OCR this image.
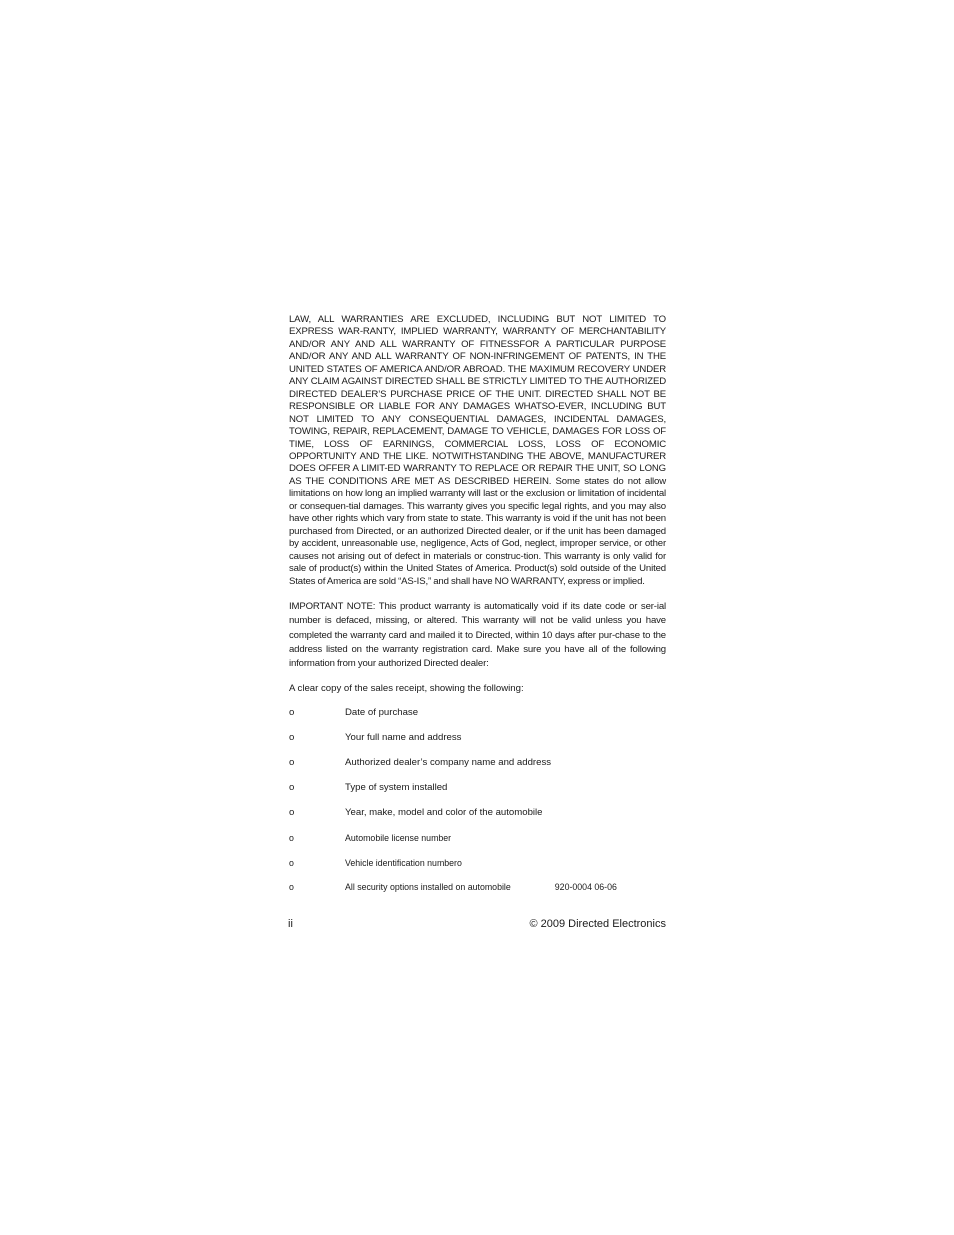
LAW, ALL WARRANTIES ARE EXCLUDED, INCLUDING BUT NOT LIMITED TO EXPRESS WAR-RANTY, IMPLIED WARRANTY, WARRANTY OF MERCHANTABILITY AND/OR ANY AND ALL WARRANTY OF FITNESSFOR A PARTICULAR PURPOSE AND/OR ANY AND ALL WARRANTY OF NON-INFRINGEMENT OF PATENTS, IN THE UNITED STATES OF AMERICA AND/OR ABROAD. THE MAXIMUM RECOVERY UNDER ANY CLAIM AGAINST DIRECTED SHALL BE STRICTLY LIMITED TO THE AUTHORIZED DIRECTED DEALER’S PURCHASE PRICE OF THE UNIT. DIRECTED SHALL NOT BE RESPONSIBLE OR LIABLE FOR ANY DAMAGES WHATSO-EVER, INCLUDING BUT NOT LIMITED TO ANY CONSEQUENTIAL DAMAGES, INCIDENTAL DAMAGES, TOWING, REPAIR, REPLACEMENT, DAMAGE TO VEHICLE, DAMAGES FOR LOSS OF TIME, LOSS OF EARNINGS, COMMERCIAL LOSS, LOSS OF ECONOMIC OPPORTUNITY AND THE LIKE. NOTWITHSTANDING THE ABOVE, MANUFACTURER DOES OFFER A LIMIT-ED WARRANTY TO REPLACE OR REPAIR THE UNIT, SO LONG AS THE CONDITIONS ARE MET AS DESCRIBED HEREIN. Some states do not allow limitations on how long an implied warranty will last or the exclusion or limitation of incidental or consequen-tial damages. This warranty gives you specific legal rights, and you may also have other rights which vary from state to state. This warranty is void if the unit has not been purchased from Directed, or an authorized Directed dealer, or if the unit has been damaged by accident, unreasonable use, negligence, Acts of God, neglect, improper service, or other causes not arising out of defect in materials or construc-tion. This warranty is only valid for sale of product(s) within the United States of America. Product(s) sold outside of the United States of America are sold “AS-IS,” and shall have NO WARRANTY, express or implied.

IMPORTANT NOTE: This product warranty is automatically void if its date code or ser-ial number is defaced, missing, or altered. This warranty will not be valid unless you have completed the warranty card and mailed it to Directed, within 10 days after pur-chase to the address listed on the warranty registration card. Make sure you have all of the following information from your authorized Directed dealer:

A clear copy of the sales receipt, showing the following:

o	Date of purchase
o	Your full name and address
o	Authorized dealer’s company name and address
o	Type of system installed
o	Year, make, model and color of the automobile
o	Automobile license number
o	Vehicle identification numbero
o	All security options installed on automobile	920-0004 06-06
ii	© 2009 Directed Electronics
